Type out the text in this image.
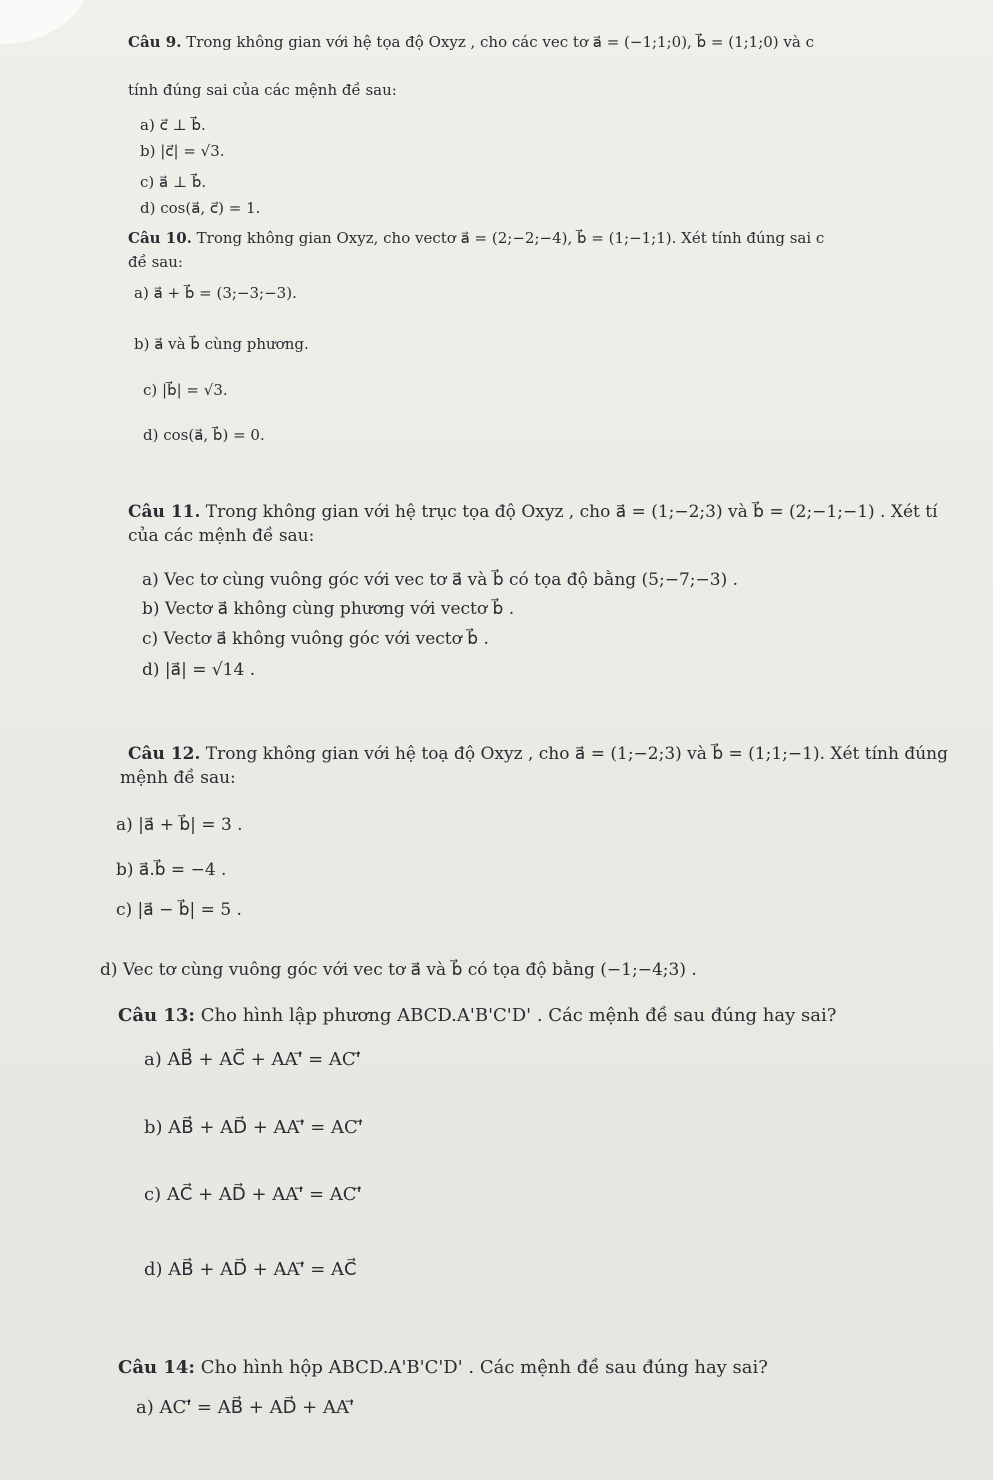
Câu 9. Trong không gian với hệ tọa độ Oxyz , cho các vec tơ a⃗ = (−1;1;0), b⃗ = (1;1;0) và c
tính đúng sai của các mệnh đề sau:
a) c⃗ ⊥ b⃗.
b) |c⃗| = √3.
c) a⃗ ⊥ b⃗.
d) cos(a⃗, c⃗) = 1.
Câu 10. Trong không gian Oxyz, cho vectơ a⃗ = (2;−2;−4), b⃗ = (1;−1;1). Xét tính đúng sai c
đề sau:
a) a⃗ + b⃗ = (3;−3;−3).
b) a⃗ và b⃗ cùng phương.
c) |b⃗| = √3.
d) cos(a⃗, b⃗) = 0.
Câu 11. Trong không gian với hệ trục tọa độ Oxyz , cho a⃗ = (1;−2;3) và b⃗ = (2;−1;−1) . Xét tí
của các mệnh đề sau:
a) Vec tơ cùng vuông góc với vec tơ a⃗ và b⃗ có tọa độ bằng (5;−7;−3) .
b) Vectơ a⃗ không cùng phương với vectơ b⃗ .
c) Vectơ a⃗ không vuông góc với vectơ b⃗ .
d) |a⃗| = √14 .
Câu 12. Trong không gian với hệ toạ độ Oxyz , cho a⃗ = (1;−2;3) và b⃗ = (1;1;−1). Xét tính đúng
mệnh đề sau:
a) |a⃗ + b⃗| = 3 .
b) a⃗.b⃗ = −4 .
c) |a⃗ − b⃗| = 5 .
d) Vec tơ cùng vuông góc với vec tơ a⃗ và b⃗ có tọa độ bằng (−1;−4;3) .
Câu 13: Cho hình lập phương ABCD.A'B'C'D' . Các mệnh đề sau đúng hay sai?
a) AB⃗ + AC⃗ + AA'⃗ = AC'⃗
b) AB⃗ + AD⃗ + AA'⃗ = AC'⃗
c) AC⃗ + AD⃗ + AA'⃗ = AC'⃗
d) AB⃗ + AD⃗ + AA'⃗ = AC⃗
Câu 14: Cho hình hộp ABCD.A'B'C'D' . Các mệnh đề sau đúng hay sai?
a) AC'⃗ = AB⃗ + AD⃗ + AA'⃗
